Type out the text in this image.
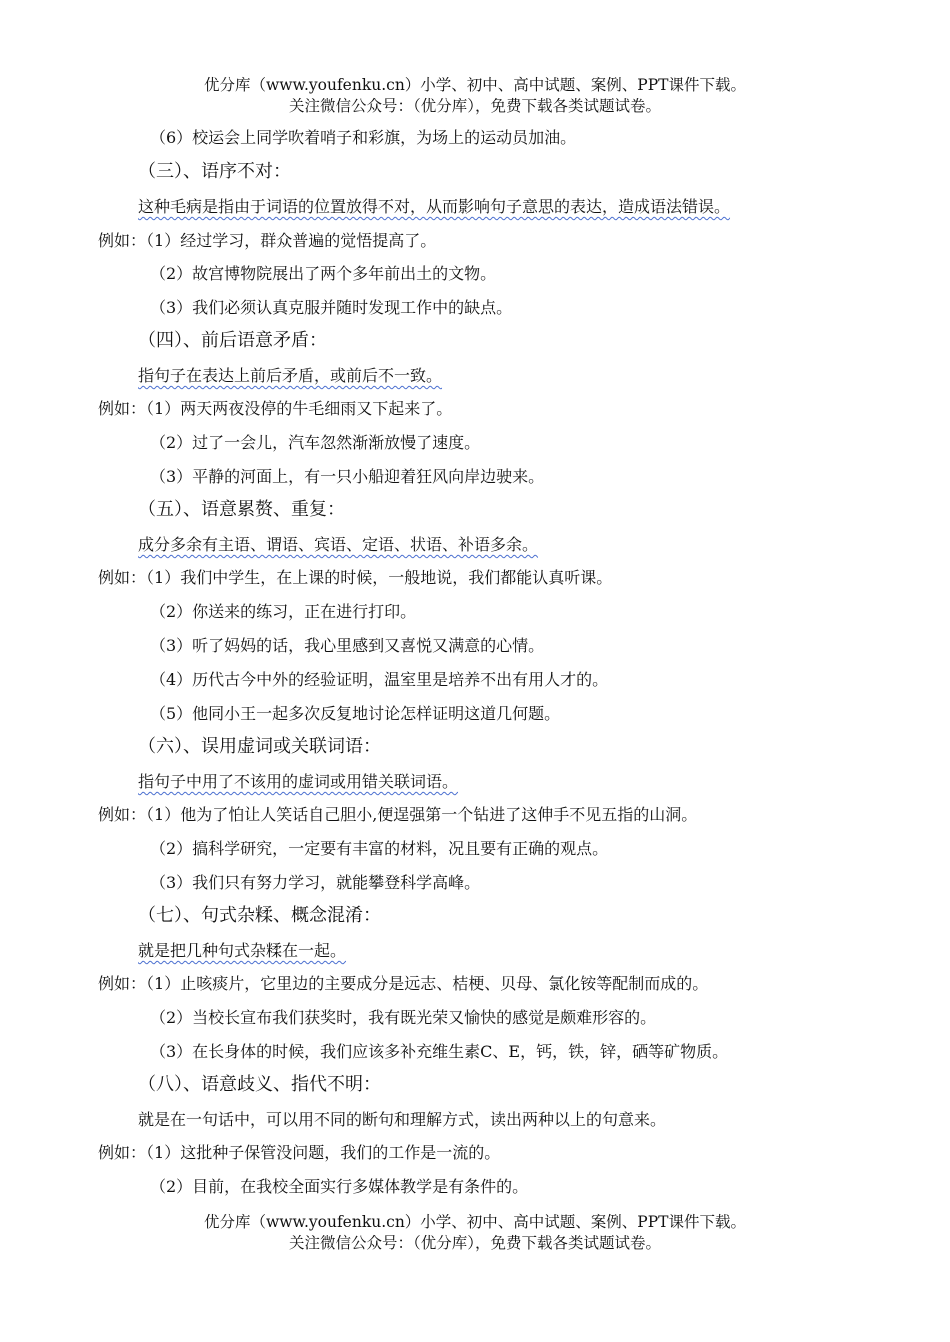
优分库（www.youfenku.cn）小学、初中、高中试题、案例、PPT课件下载。
关注微信公众号：（优分库），免费下载各类试题试卷。
（6）校运会上同学吹着哨子和彩旗，为场上的运动员加油。
（三）、语序不对：
这种毛病是指由于词语的位置放得不对，从而影响句子意思的表达，造成语法错误。
例如：（1）经过学习，群众普遍的觉悟提高了。
（2）故宫博物院展出了两个多年前出土的文物。
（3）我们必须认真克服并随时发现工作中的缺点。
（四）、前后语意矛盾：
指句子在表达上前后矛盾，或前后不一致。
例如：（1）两天两夜没停的牛毛细雨又下起来了。
（2）过了一会儿，汽车忽然渐渐放慢了速度。
（3）平静的河面上，有一只小船迎着狂风向岸边驶来。
（五）、语意累赘、重复：
成分多余有主语、谓语、宾语、定语、状语、补语多余。
例如：（1）我们中学生，在上课的时候，一般地说，我们都能认真听课。
（2）你送来的练习，正在进行打印。
（3）听了妈妈的话，我心里感到又喜悦又满意的心情。
（4）历代古今中外的经验证明，温室里是培养不出有用人才的。
（5）他同小王一起多次反复地讨论怎样证明这道几何题。
（六）、误用虚词或关联词语：
指句子中用了不该用的虚词或用错关联词语。
例如：（1）他为了怕让人笑话自己胆小,便逞强第一个钻进了这伸手不见五指的山洞。
（2）搞科学研究，一定要有丰富的材料，况且要有正确的观点。
（3）我们只有努力学习，就能攀登科学高峰。
（七）、句式杂糅、概念混淆：
就是把几种句式杂糅在一起。
例如：（1）止咳痰片，它里边的主要成分是远志、桔梗、贝母、氯化铵等配制而成的。
（2）当校长宣布我们获奖时，我有既光荣又愉快的感觉是颇难形容的。
（3）在长身体的时候，我们应该多补充维生素C、E，钙，铁，锌，硒等矿物质。
（八）、语意歧义、指代不明：
就是在一句话中，可以用不同的断句和理解方式，读出两种以上的句意来。
例如：（1）这批种子保管没问题，我们的工作是一流的。
（2）目前，在我校全面实行多媒体教学是有条件的。
优分库（www.youfenku.cn）小学、初中、高中试题、案例、PPT课件下载。
关注微信公众号：（优分库），免费下载各类试题试卷。
